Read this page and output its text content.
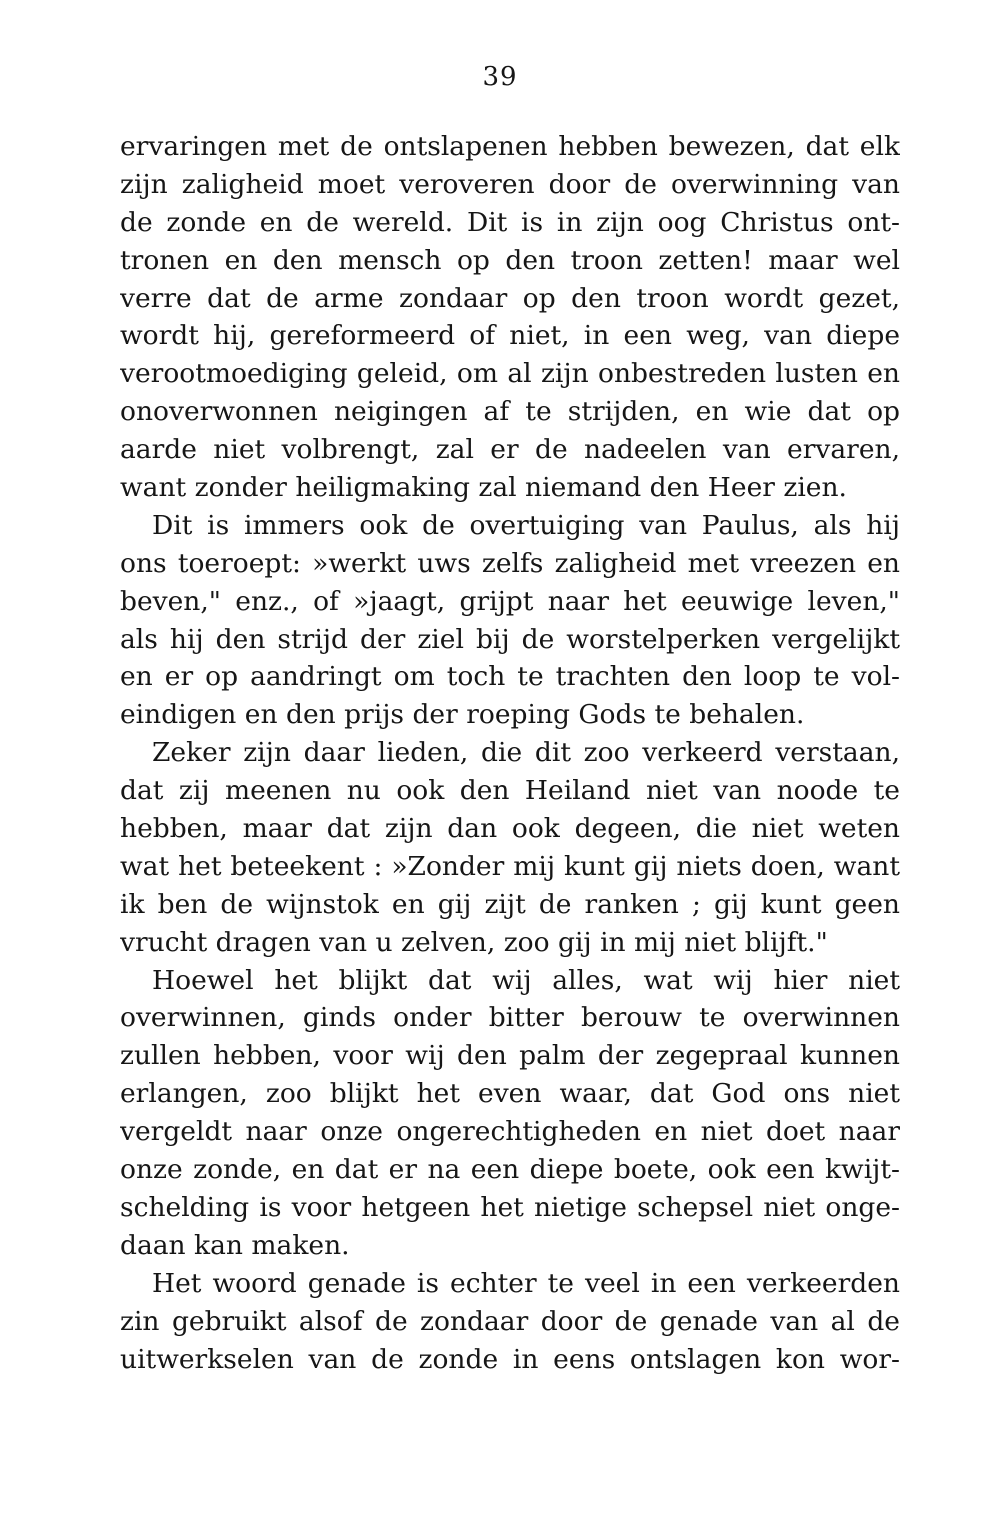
39
ervaringen met de ontslapenen hebben bewezen, dat elk
zijn zaligheid moet veroveren door de overwinning van
de zonde en de wereld. Dit is in zijn oog Christus ont-
tronen en den mensch op den troon zetten! maar wel
verre dat de arme zondaar op den troon wordt gezet,
wordt hij, gereformeerd of niet, in een weg, van diepe
verootmoediging geleid, om al zijn onbestreden lusten en
onoverwonnen neigingen af te strijden, en wie dat op
aarde niet volbrengt, zal er de nadeelen van ervaren,
want zonder heiligmaking zal niemand den Heer zien.
Dit is immers ook de overtuiging van Paulus, als hij
ons toeroept: »werkt uws zelfs zaligheid met vreezen en
beven," enz., of »jaagt, grijpt naar het eeuwige leven,"
als hij den strijd der ziel bij de worstelperken vergelijkt
en er op aandringt om toch te trachten den loop te vol-
eindigen en den prijs der roeping Gods te behalen.
Zeker zijn daar lieden, die dit zoo verkeerd verstaan,
dat zij meenen nu ook den Heiland niet van noode te
hebben, maar dat zijn dan ook degeen, die niet weten
wat het beteekent : »Zonder mij kunt gij niets doen, want
ik ben de wijnstok en gij zijt de ranken ; gij kunt geen
vrucht dragen van u zelven, zoo gij in mij niet blijft."
Hoewel het blijkt dat wij alles, wat wij hier niet
overwinnen, ginds onder bitter berouw te overwinnen
zullen hebben, voor wij den palm der zegepraal kunnen
erlangen, zoo blijkt het even waar, dat God ons niet
vergeldt naar onze ongerechtigheden en niet doet naar
onze zonde, en dat er na een diepe boete, ook een kwijt-
schelding is voor hetgeen het nietige schepsel niet onge-
daan kan maken.
Het woord genade is echter te veel in een verkeerden
zin gebruikt alsof de zondaar door de genade van al de
uitwerkselen van de zonde in eens ontslagen kon wor-
